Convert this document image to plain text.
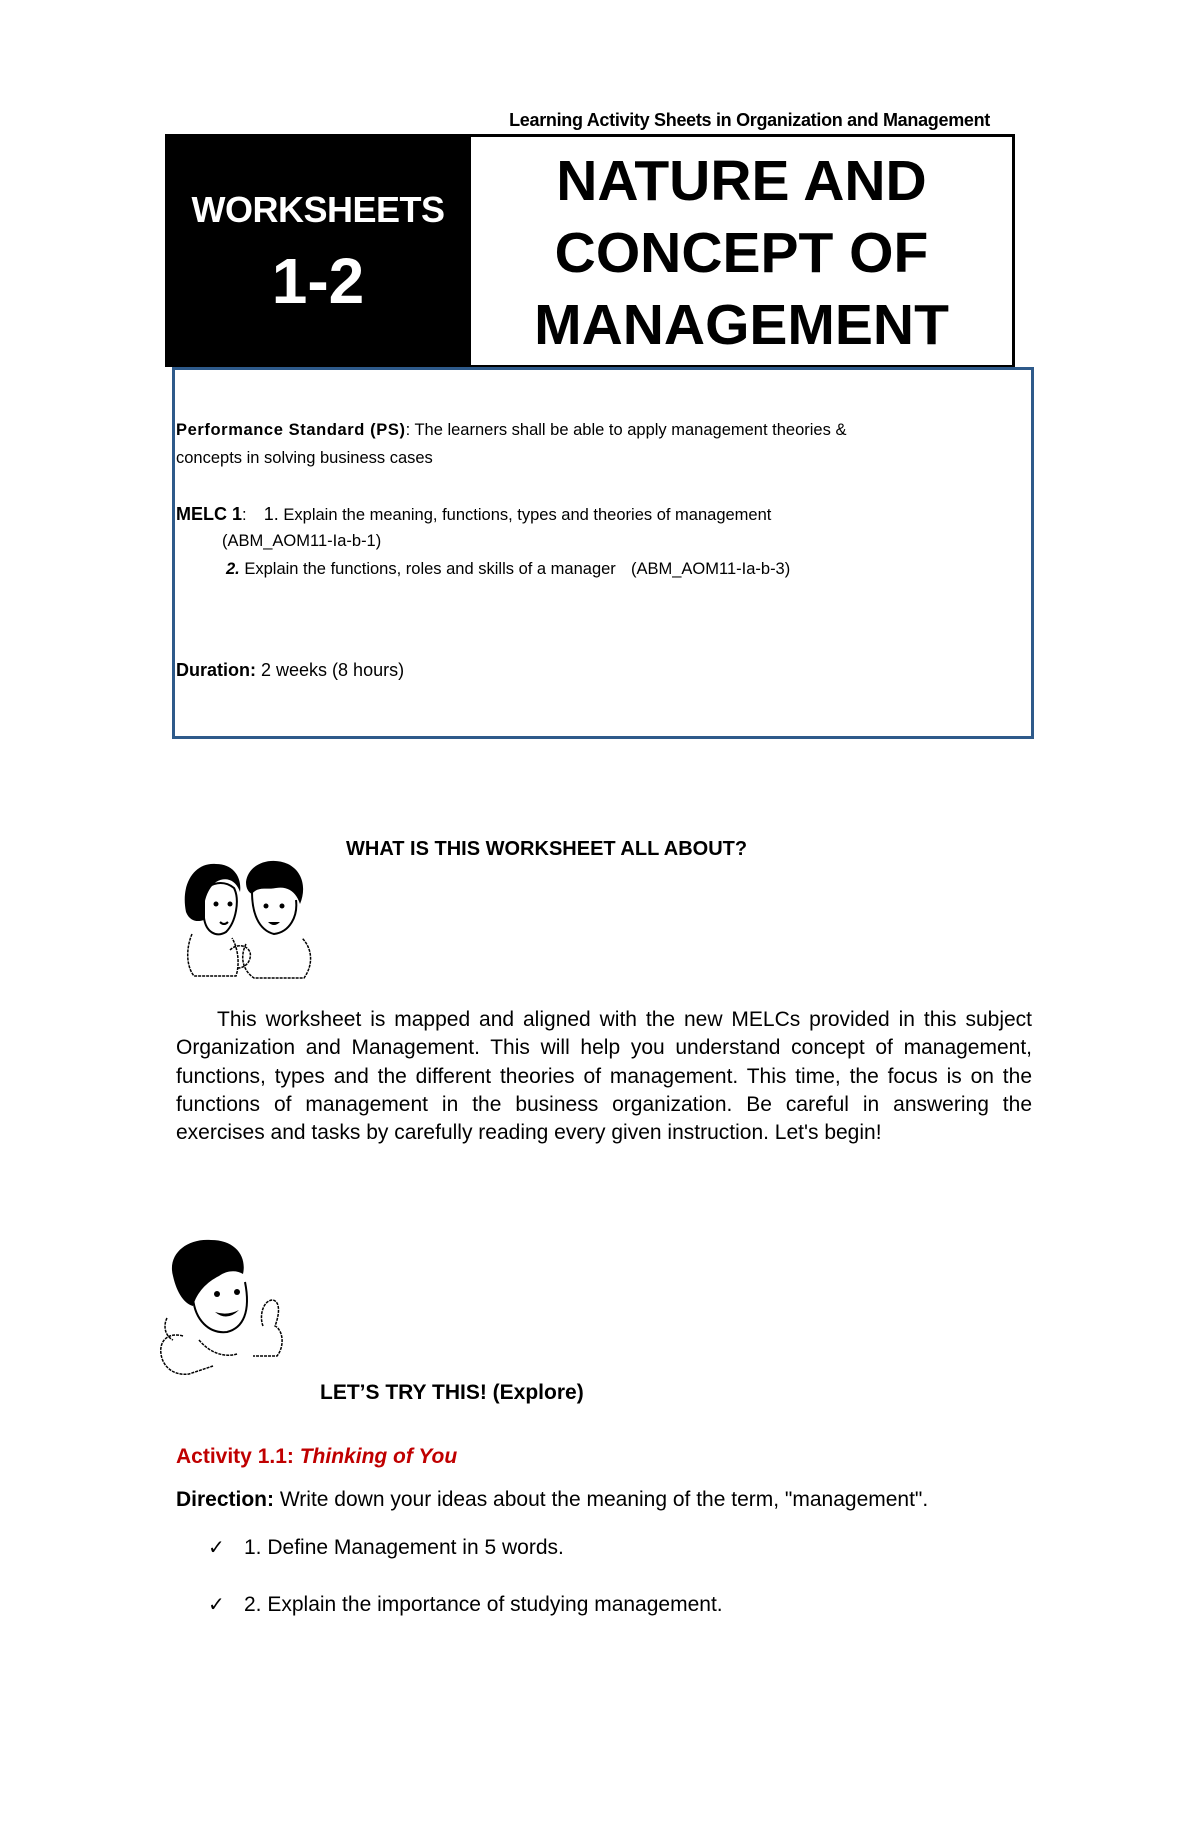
Learning Activity Sheets in Organization and Management
WORKSHEETS
1-2
NATURE AND
CONCEPT OF
MANAGEMENT
Performance Standard (PS): The learners shall be able to apply management theories &
concepts in solving business cases
MELC 1: 1. Explain the meaning, functions, types and theories of management
(ABM_AOM11-Ia-b-1)
2. Explain the functions, roles and skills of a manager (ABM_AOM11-Ia-b-3)
Duration: 2 weeks (8 hours)
WHAT IS THIS WORKSHEET ALL ABOUT?
This worksheet is mapped and aligned with the new MELCs provided in this subject Organization and Management. This will help you understand concept of management, functions, types and the different theories of management. This time, the focus is on the functions of management in the business organization. Be careful in answering the exercises and tasks by carefully reading every given instruction. Let's begin!
LET’S TRY THIS! (Explore)
Activity 1.1: Thinking of You
Direction: Write down your ideas about the meaning of the term, "management".
✓ 1. Define Management in 5 words.
✓ 2. Explain the importance of studying management.
